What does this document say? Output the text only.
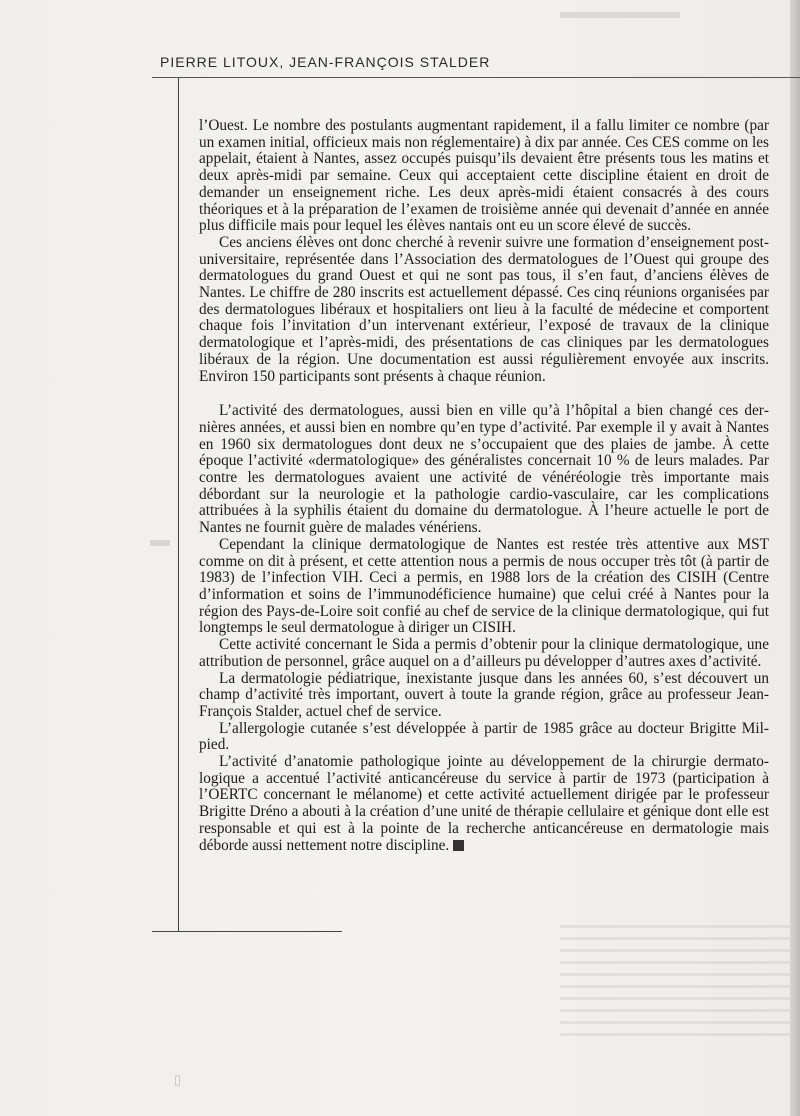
PIERRE LITOUX, JEAN-FRANÇOIS STALDER
▯

l’Ouest. Le nombre des postulants augmentant rapidement, il a fallu limiter ce nombre (par un examen initial, officieux mais non réglementaire) à dix par année. Ces CES comme on les appelait, étaient à Nantes, assez occupés puisqu’ils devaient être présents tous les matins et deux après-midi par semaine. Ceux qui acceptaient cette discipline étaient en droit de demander un enseignement riche. Les deux après-midi étaient consacrés à des cours théoriques et à la préparation de l’examen de troisième année qui devenait d’année en année plus difficile mais pour lequel les élèves nantais ont eu un score élevé de succès.

Ces anciens élèves ont donc cherché à revenir suivre une formation d’enseignement post-universitaire, représentée dans l’Association des dermatologues de l’Ouest qui groupe des dermatologues du grand Ouest et qui ne sont pas tous, il s’en faut, d’anciens élèves de Nantes. Le chiffre de 280 inscrits est actuellement dépassé. Ces cinq réunions organisées par des dermatologues libéraux et hospitaliers ont lieu à la faculté de médecine et comportent chaque fois l’invitation d’un intervenant extérieur, l’exposé de travaux de la clinique dermatologique et l’après-midi, des présentations de cas cliniques par les dermatologues libéraux de la région. Une documentation est aussi régulièrement envoyée aux inscrits. Environ 150 participants sont présents à chaque réunion.

L’activité des dermatologues, aussi bien en ville qu’à l’hôpital a bien changé ces dernières années, et aussi bien en nombre qu’en type d’activité. Par exemple il y avait à Nantes en 1960 six dermatologues dont deux ne s’occupaient que des plaies de jambe. À cette époque l’activité «dermatologique» des généralistes concernait 10 % de leurs malades. Par contre les dermatologues avaient une activité de vénéréologie très importante mais débordant sur la neurologie et la pathologie cardio-vasculaire, car les complications attribuées à la syphilis étaient du domaine du dermatologue. À l’heure actuelle le port de Nantes ne fournit guère de malades vénériens.

Cependant la clinique dermatologique de Nantes est restée très attentive aux MST comme on dit à présent, et cette attention nous a permis de nous occuper très tôt (à partir de 1983) de l’infection VIH. Ceci a permis, en 1988 lors de la création des CISIH (Centre d’information et soins de l’immunodéficience humaine) que celui créé à Nantes pour la région des Pays-de-Loire soit confié au chef de service de la clinique dermatologique, qui fut longtemps le seul dermatologue à diriger un CISIH.

Cette activité concernant le Sida a permis d’obtenir pour la clinique dermatologique, une attribution de personnel, grâce auquel on a d’ailleurs pu développer d’autres axes d’activité.

La dermatologie pédiatrique, inexistante jusque dans les années 60, s’est découvert un champ d’activité très important, ouvert à toute la grande région, grâce au professeur Jean-François Stalder, actuel chef de service.

L’allergologie cutanée s’est développée à partir de 1985 grâce au docteur Brigitte Milpied.

L’activité d’anatomie pathologique jointe au développement de la chirurgie dermatologique a accentué l’activité anticancéreuse du service à partir de 1973 (participation à l’OERTC concernant le mélanome) et cette activité actuellement dirigée par le professeur Brigitte Dréno a abouti à la création d’une unité de thérapie cellulaire et génique dont elle est responsable et qui est à la pointe de la recherche anticancéreuse en dermatologie mais déborde aussi nettement notre discipline.
